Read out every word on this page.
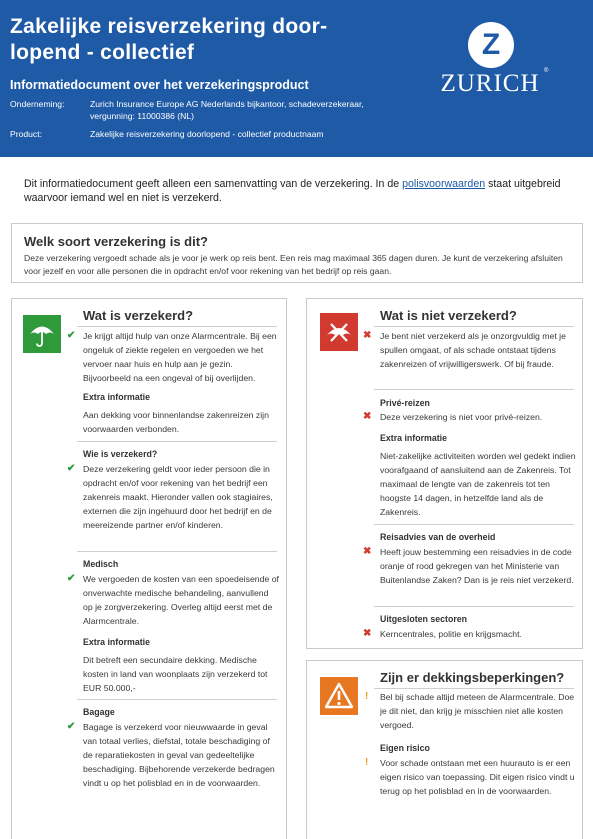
Zakelijke reisverzekering door-lopend - collectief
Informatiedocument over het verzekeringsproduct
Onderneming:	Zurich Insurance Europe AG Nederlands bijkantoor, schadeverzekeraar, vergunning: 11000386 (NL)
Product:	Zakelijke reisverzekering doorlopend - collectief productnaam
Z
ZURICH ®
Dit informatiedocument geeft alleen een samenvatting van de verzekering. In de polisvoorwaarden staat uitgebreid waarvoor iemand wel en niet is verzekerd.
Welk soort verzekering is dit?
Deze verzekering vergoedt schade als je voor je werk op reis bent. Een reis mag maximaal 365 dagen duren. Je kunt de verzekering afsluiten voor jezelf en voor alle personen die in opdracht en/of voor rekening van het bedrijf op reis gaan.
Wat is verzekerd?
✔ Je krijgt altijd hulp van onze Alarmcentrale. Bij een ongeluk of ziekte regelen en vergoeden we het vervoer naar huis en hulp aan je gezin. Bijvoorbeeld na een ongeval of bij overlijden.
Extra informatie
Aan dekking voor binnenlandse zakenreizen zijn voorwaarden verbonden.
Wie is verzekerd?
✔ Deze verzekering geldt voor ieder persoon die in opdracht en/of voor rekening van het bedrijf een zakenreis maakt. Hieronder vallen ook stagiaires, externen die zijn ingehuurd door het bedrijf en de meereizende partner en/of kinderen.
Medisch
✔ We vergoeden de kosten van een spoedeisende of onverwachte medische behandeling, aanvullend op je zorgverzekering. Overleg altijd eerst met de Alarmcentrale.
Extra informatie
Dit betreft een secundaire dekking. Medische kosten in land van woonplaats zijn verzekerd tot EUR 50.000,-
Bagage
✔ Bagage is verzekerd voor nieuwwaarde in geval van totaal verlies, diefstal, totale beschadiging of de reparatiekosten in geval van gedeeltelijke beschadiging. Bijbehorende verzekerde bedragen vindt u op het polisblad en in de voorwaarden.
Wat is niet verzekerd?
✖ Je bent niet verzekerd als je onzorgvuldig met je spullen omgaat, of als schade ontstaat tijdens zakenreizen of vrijwilligerswerk. Of bij fraude.
Privé-reizen
✖ Deze verzekering is niet voor privé-reizen.
Extra informatie
Niet-zakelijke activiteiten worden wel gedekt indien voorafgaand of aansluitend aan de Zakenreis. Tot maximaal de lengte van de zakenreis tot ten hoogste 14 dagen, in hetzelfde land als de Zakenreis.
Reisadvies van de overheid
✖ Heeft jouw bestemming een reisadvies in de code oranje of rood gekregen van het Ministerie van Buitenlandse Zaken? Dan is je reis niet verzekerd.
Uitgesloten sectoren
✖ Kerncentrales, politie en krijgsmacht.
Zijn er dekkingsbeperkingen?
! Bel bij schade altijd meteen de Alarmcentrale. Doe je dit niet, dan krijg je misschien niet alle kosten vergoed.
Eigen risico
! Voor schade ontstaan met een huurauto is er een eigen risico van toepassing. Dit eigen risico vindt u terug op het polisblad en in de voorwaarden.
